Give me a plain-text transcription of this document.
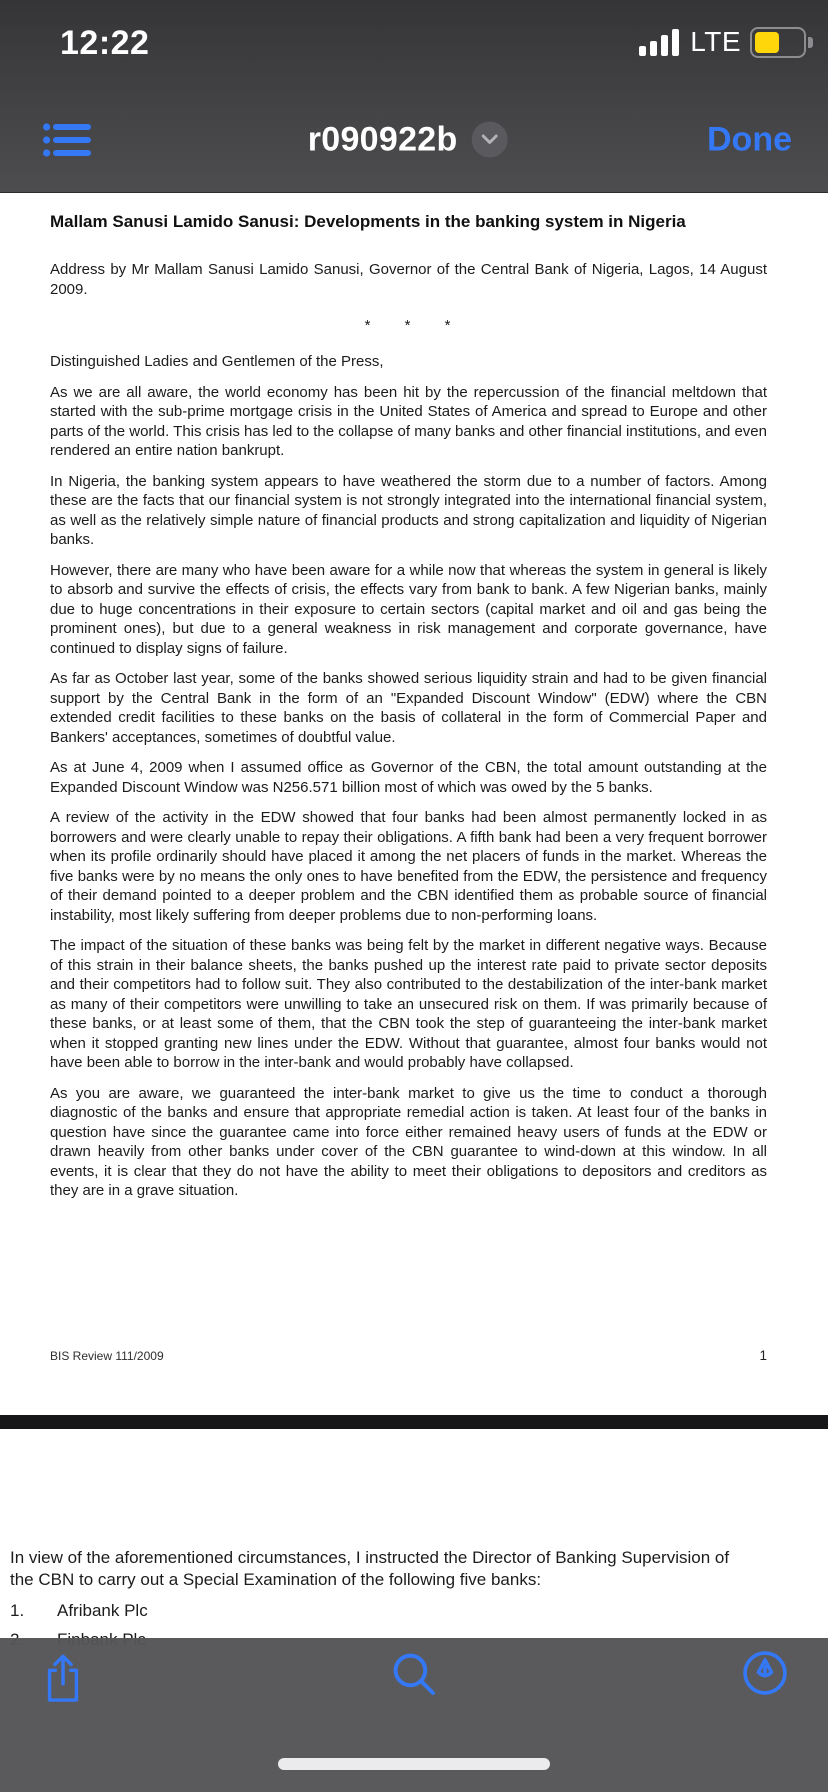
12:22	LTE
r090922b	Done
Mallam Sanusi Lamido Sanusi: Developments in the banking system in Nigeria

Address by Mr Mallam Sanusi Lamido Sanusi, Governor of the Central Bank of Nigeria, Lagos, 14 August 2009.

* * *

Distinguished Ladies and Gentlemen of the Press,

As we are all aware, the world economy has been hit by the repercussion of the financial meltdown that started with the sub-prime mortgage crisis in the United States of America and spread to Europe and other parts of the world. This crisis has led to the collapse of many banks and other financial institutions, and even rendered an entire nation bankrupt.

In Nigeria, the banking system appears to have weathered the storm due to a number of factors. Among these are the facts that our financial system is not strongly integrated into the international financial system, as well as the relatively simple nature of financial products and strong capitalization and liquidity of Nigerian banks.

However, there are many who have been aware for a while now that whereas the system in general is likely to absorb and survive the effects of crisis, the effects vary from bank to bank. A few Nigerian banks, mainly due to huge concentrations in their exposure to certain sectors (capital market and oil and gas being the prominent ones), but due to a general weakness in risk management and corporate governance, have continued to display signs of failure.

As far as October last year, some of the banks showed serious liquidity strain and had to be given financial support by the Central Bank in the form of an "Expanded Discount Window" (EDW) where the CBN extended credit facilities to these banks on the basis of collateral in the form of Commercial Paper and Bankers' acceptances, sometimes of doubtful value.

As at June 4, 2009 when I assumed office as Governor of the CBN, the total amount outstanding at the Expanded Discount Window was N256.571 billion most of which was owed by the 5 banks.

A review of the activity in the EDW showed that four banks had been almost permanently locked in as borrowers and were clearly unable to repay their obligations. A fifth bank had been a very frequent borrower when its profile ordinarily should have placed it among the net placers of funds in the market. Whereas the five banks were by no means the only ones to have benefited from the EDW, the persistence and frequency of their demand pointed to a deeper problem and the CBN identified them as probable source of financial instability, most likely suffering from deeper problems due to non-performing loans.

The impact of the situation of these banks was being felt by the market in different negative ways. Because of this strain in their balance sheets, the banks pushed up the interest rate paid to private sector deposits and their competitors had to follow suit. They also contributed to the destabilization of the inter-bank market as many of their competitors were unwilling to take an unsecured risk on them. If was primarily because of these banks, or at least some of them, that the CBN took the step of guaranteeing the inter-bank market when it stopped granting new lines under the EDW. Without that guarantee, almost four banks would not have been able to borrow in the inter-bank and would probably have collapsed.

As you are aware, we guaranteed the inter-bank market to give us the time to conduct a thorough diagnostic of the banks and ensure that appropriate remedial action is taken. At least four of the banks in question have since the guarantee came into force either remained heavy users of funds at the EDW or drawn heavily from other banks under cover of the CBN guarantee to wind-down at this window. In all events, it is clear that they do not have the ability to meet their obligations to depositors and creditors as they are in a grave situation.

BIS Review 111/2009	1

In view of the aforementioned circumstances, I instructed the Director of Banking Supervision of the CBN to carry out a Special Examination of the following five banks:

1.	Afribank Plc
